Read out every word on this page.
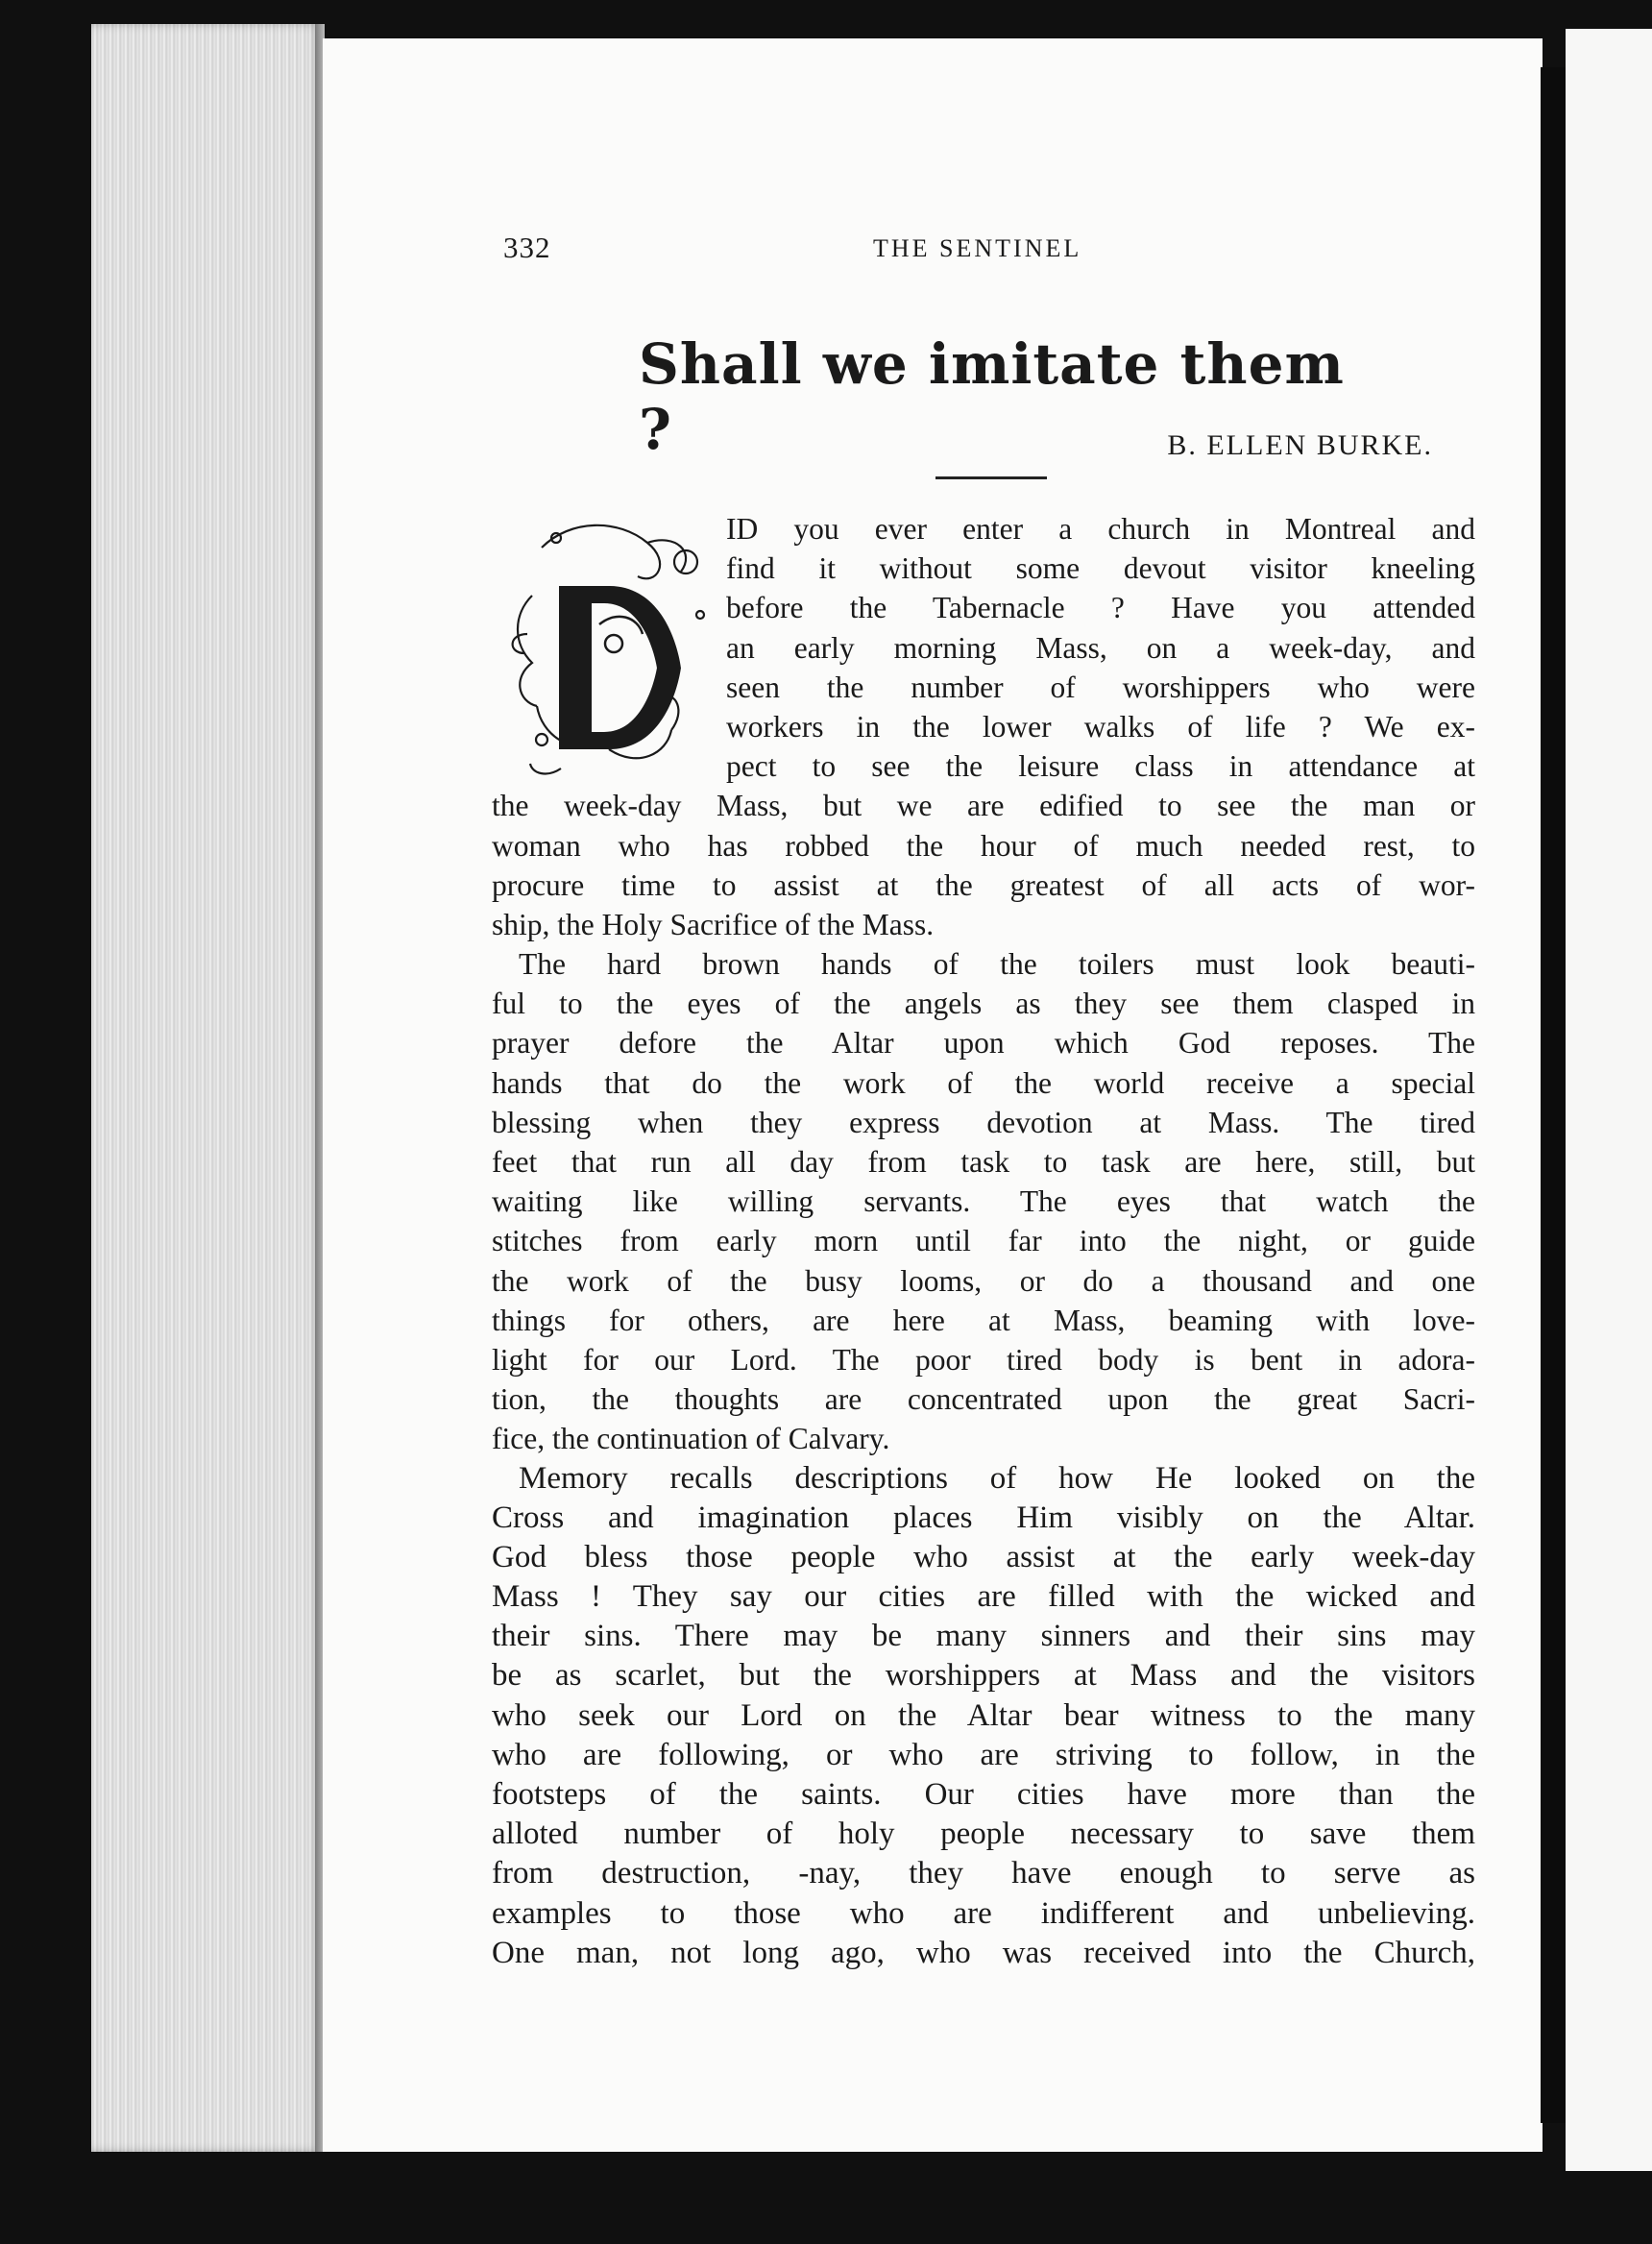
332	THE SENTINEL
Shall we imitate them ?	B. ELLEN BURKE.
ID you ever enter a church in Montreal and
find it without some devout visitor kneeling
before the Tabernacle ? Have you attended
an early morning Mass, on a week-day, and
seen the number of worshippers who were
workers in the lower walks of life ? We ex-
pect to see the leisure class in attendance at
the week-day Mass, but we are edified to see the man or
woman who has robbed the hour of much needed rest, to
procure time to assist at the greatest of all acts of wor-
ship, the Holy Sacrifice of the Mass.
The hard brown hands of the toilers must look beauti-
ful to the eyes of the angels as they see them clasped in
prayer defore the Altar upon which God reposes. The
hands that do the work of the world receive a special
blessing when they express devotion at Mass. The tired
feet that run all day from task to task are here, still, but
waiting like willing servants. The eyes that watch the
stitches from early morn until far into the night, or guide
the work of the busy looms, or do a thousand and one
things for others, are here at Mass, beaming with love-
light for our Lord. The poor tired body is bent in adora-
tion, the thoughts are concentrated upon the great Sacri-
fice, the continuation of Calvary.
Memory recalls descriptions of how He looked on the
Cross and imagination places Him visibly on the Altar.
God bless those people who assist at the early week-day
Mass ! They say our cities are filled with the wicked and
their sins. There may be many sinners and their sins may
be as scarlet, but the worshippers at Mass and the visitors
who seek our Lord on the Altar bear witness to the many
who are following, or who are striving to follow, in the
footsteps of the saints. Our cities have more than the
alloted number of holy people necessary to save them
from destruction, -nay, they have enough to serve as
examples to those who are indifferent and unbelieving.
One man, not long ago, who was received into the Church,
